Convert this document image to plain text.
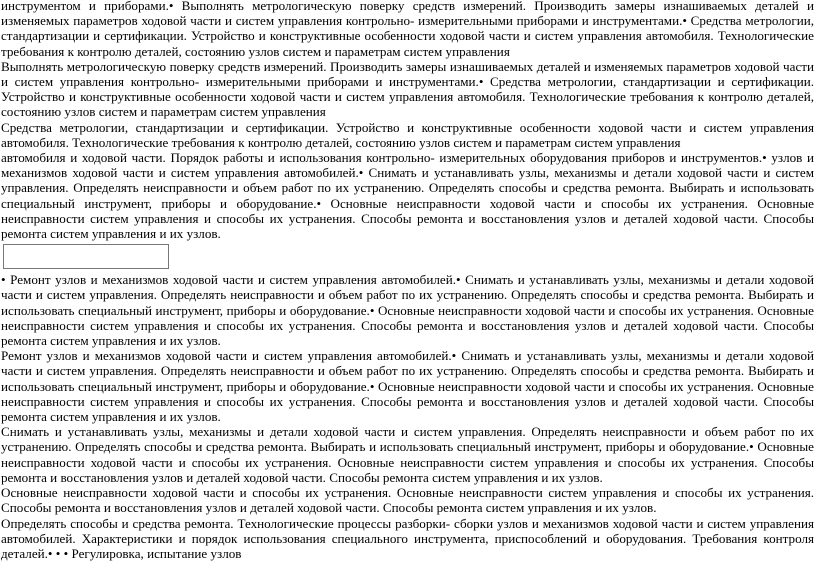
инструментом и приборами.• Выполнять метрологическую поверку средств измерений. Производить замеры изнашиваемых деталей и изменяемых параметров ходовой части и систем управления контрольно- измерительными приборами и инструментами.• Средства метрологии, стандартизации и сертификации. Устройство и конструктивные особенности ходовой части и систем управления автомобиля. Технологические требования к контролю деталей, состоянию узлов систем и параметрам систем управления

Выполнять метрологическую поверку средств измерений. Производить замеры изнашиваемых деталей и изменяемых параметров ходовой части и систем управления контрольно- измерительными приборами и инструментами.• Средства метрологии, стандартизации и сертификации. Устройство и конструктивные особенности ходовой части и систем управления автомобиля. Технологические требования к контролю деталей, состоянию узлов систем и параметрам систем управления

Средства метрологии, стандартизации и сертификации. Устройство и конструктивные особенности ходовой части и систем управления автомобиля. Технологические требования к контролю деталей, состоянию узлов систем и параметрам систем управления

автомобиля и ходовой части. Порядок работы и использования контрольно- измерительных оборудования приборов и инструментов.• узлов и механизмов ходовой части и систем управления автомобилей.• Снимать и устанавливать узлы, механизмы и детали ходовой части и систем управления. Определять неисправности и объем работ по их устранению. Определять способы и средства ремонта. Выбирать и использовать специальный инструмент, приборы и оборудование.• Основные неисправности ходовой части и способы их устранения. Основные неисправности систем управления и способы их устранения. Способы ремонта и восстановления узлов и деталей ходовой части. Способы ремонта систем управления и их узлов.

• Ремонт узлов и механизмов ходовой части и систем управления автомобилей.• Снимать и устанавливать узлы, механизмы и детали ходовой части и систем управления. Определять неисправности и объем работ по их устранению. Определять способы и средства ремонта. Выбирать и использовать специальный инструмент, приборы и оборудование.• Основные неисправности ходовой части и способы их устранения. Основные неисправности систем управления и способы их устранения. Способы ремонта и восстановления узлов и деталей ходовой части. Способы ремонта систем управления и их узлов.

Ремонт узлов и механизмов ходовой части и систем управления автомобилей.• Снимать и устанавливать узлы, механизмы и детали ходовой части и систем управления. Определять неисправности и объем работ по их устранению. Определять способы и средства ремонта. Выбирать и использовать специальный инструмент, приборы и оборудование.• Основные неисправности ходовой части и способы их устранения. Основные неисправности систем управления и способы их устранения. Способы ремонта и восстановления узлов и деталей ходовой части. Способы ремонта систем управления и их узлов.

Снимать и устанавливать узлы, механизмы и детали ходовой части и систем управления. Определять неисправности и объем работ по их устранению. Определять способы и средства ремонта. Выбирать и использовать специальный инструмент, приборы и оборудование.• Основные неисправности ходовой части и способы их устранения. Основные неисправности систем управления и способы их устранения. Способы ремонта и восстановления узлов и деталей ходовой части. Способы ремонта систем управления и их узлов.

Основные неисправности ходовой части и способы их устранения. Основные неисправности систем управления и способы их устранения. Способы ремонта и восстановления узлов и деталей ходовой части. Способы ремонта систем управления и их узлов.

Определять способы и средства ремонта. Технологические процессы разборки- сборки узлов и механизмов ходовой части и систем управления автомобилей. Характеристики и порядок использования специального инструмента, приспособлений и оборудования. Требования контроля деталей.• • • Регулировка, испытание узлов
